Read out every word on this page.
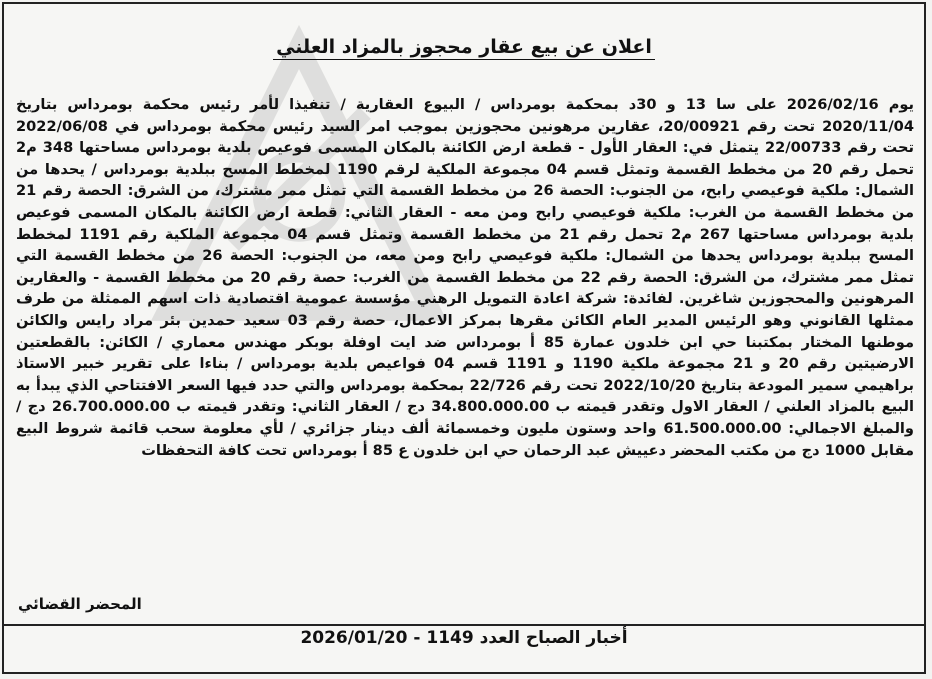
اعلان عن بيع عقار محجوز بالمزاد العلني
يوم 2026/02/16 على سا 13 و 30د بمحكمة بومرداس / البيوع العقارية / تنفيذا لأمر رئيس محكمة بومرداس بتاريخ 2020/11/04 تحت رقم 20/00921، عقارين مرهونين محجوزين بموجب امر السيد رئيس محكمة بومرداس في 2022/06/08 تحت رقم 22/00733 يتمثل في: العقار الأول - قطعة ارض الكائنة بالمكان المسمى فوعيص بلدية بومرداس مساحتها 348 م2 تحمل رقم 20 من مخطط القسمة وتمثل قسم 04 مجموعة الملكية لرقم 1190 لمخطط المسح ببلدية بومرداس / يحدها من الشمال: ملكية فوعيصي رابح، من الجنوب: الحصة 26 من مخطط القسمة التي تمثل ممر مشترك، من الشرق: الحصة رقم 21 من مخطط القسمة من الغرب: ملكية فوعيصي رابح ومن معه - العقار الثاني: قطعة ارض الكائنة بالمكان المسمى فوعيص بلدية بومرداس مساحتها 267 م2 تحمل رقم 21 من مخطط القسمة وتمثل قسم 04 مجموعة الملكية رقم 1191 لمخطط المسح ببلدية بومرداس يحدها من الشمال: ملكية فوعيصي رابح ومن معه، من الجنوب: الحصة 26 من مخطط القسمة التي تمثل ممر مشترك، من الشرق: الحصة رقم 22 من مخطط القسمة من الغرب: حصة رقم 20 من مخطط القسمة - والعقارين المرهونين والمحجوزين شاغرين. لفائدة: شركة اعادة التمويل الرهني مؤسسة عمومية اقتصادية ذات اسهم الممثلة من طرف ممثلها القانوني وهو الرئيس المدير العام الكائن مقرها بمركز الاعمال، حصة رقم 03 سعيد حمدين بئر مراد رايس والكائن موطنها المختار بمكتبنا حي ابن خلدون عمارة 85 أ بومرداس ضد ايت اوفلة بوبكر مهندس معماري / الكائن: بالقطعتين الارضيتين رقم 20 و 21 مجموعة ملكية 1190 و 1191 قسم 04 فواعيص بلدية بومرداس / بناءا على تقرير خبير الاستاذ براهيمي سمير المودعة بتاريخ 2022/10/20 تحت رقم 22/726 بمحكمة بومرداس والتي حدد فيها السعر الافتتاحي الذي يبدأ به البيع بالمزاد العلني / العقار الاول وتقدر قيمته ب 34.800.000.00 دج / العقار الثاني: وتقدر قيمته ب 26.700.000.00 دج / والمبلغ الاجمالي: 61.500.000.00 واحد وستون مليون وخمسمائة ألف دينار جزائري / لأي معلومة سحب قائمة شروط البيع مقابل 1000 دج من مكتب المحضر دعييش عبد الرحمان حي ابن خلدون ع 85 أ بومرداس تحت كافة التحفظات
المحضر القضائي
أخبار الصباح العدد 1149 - 2026/01/20
